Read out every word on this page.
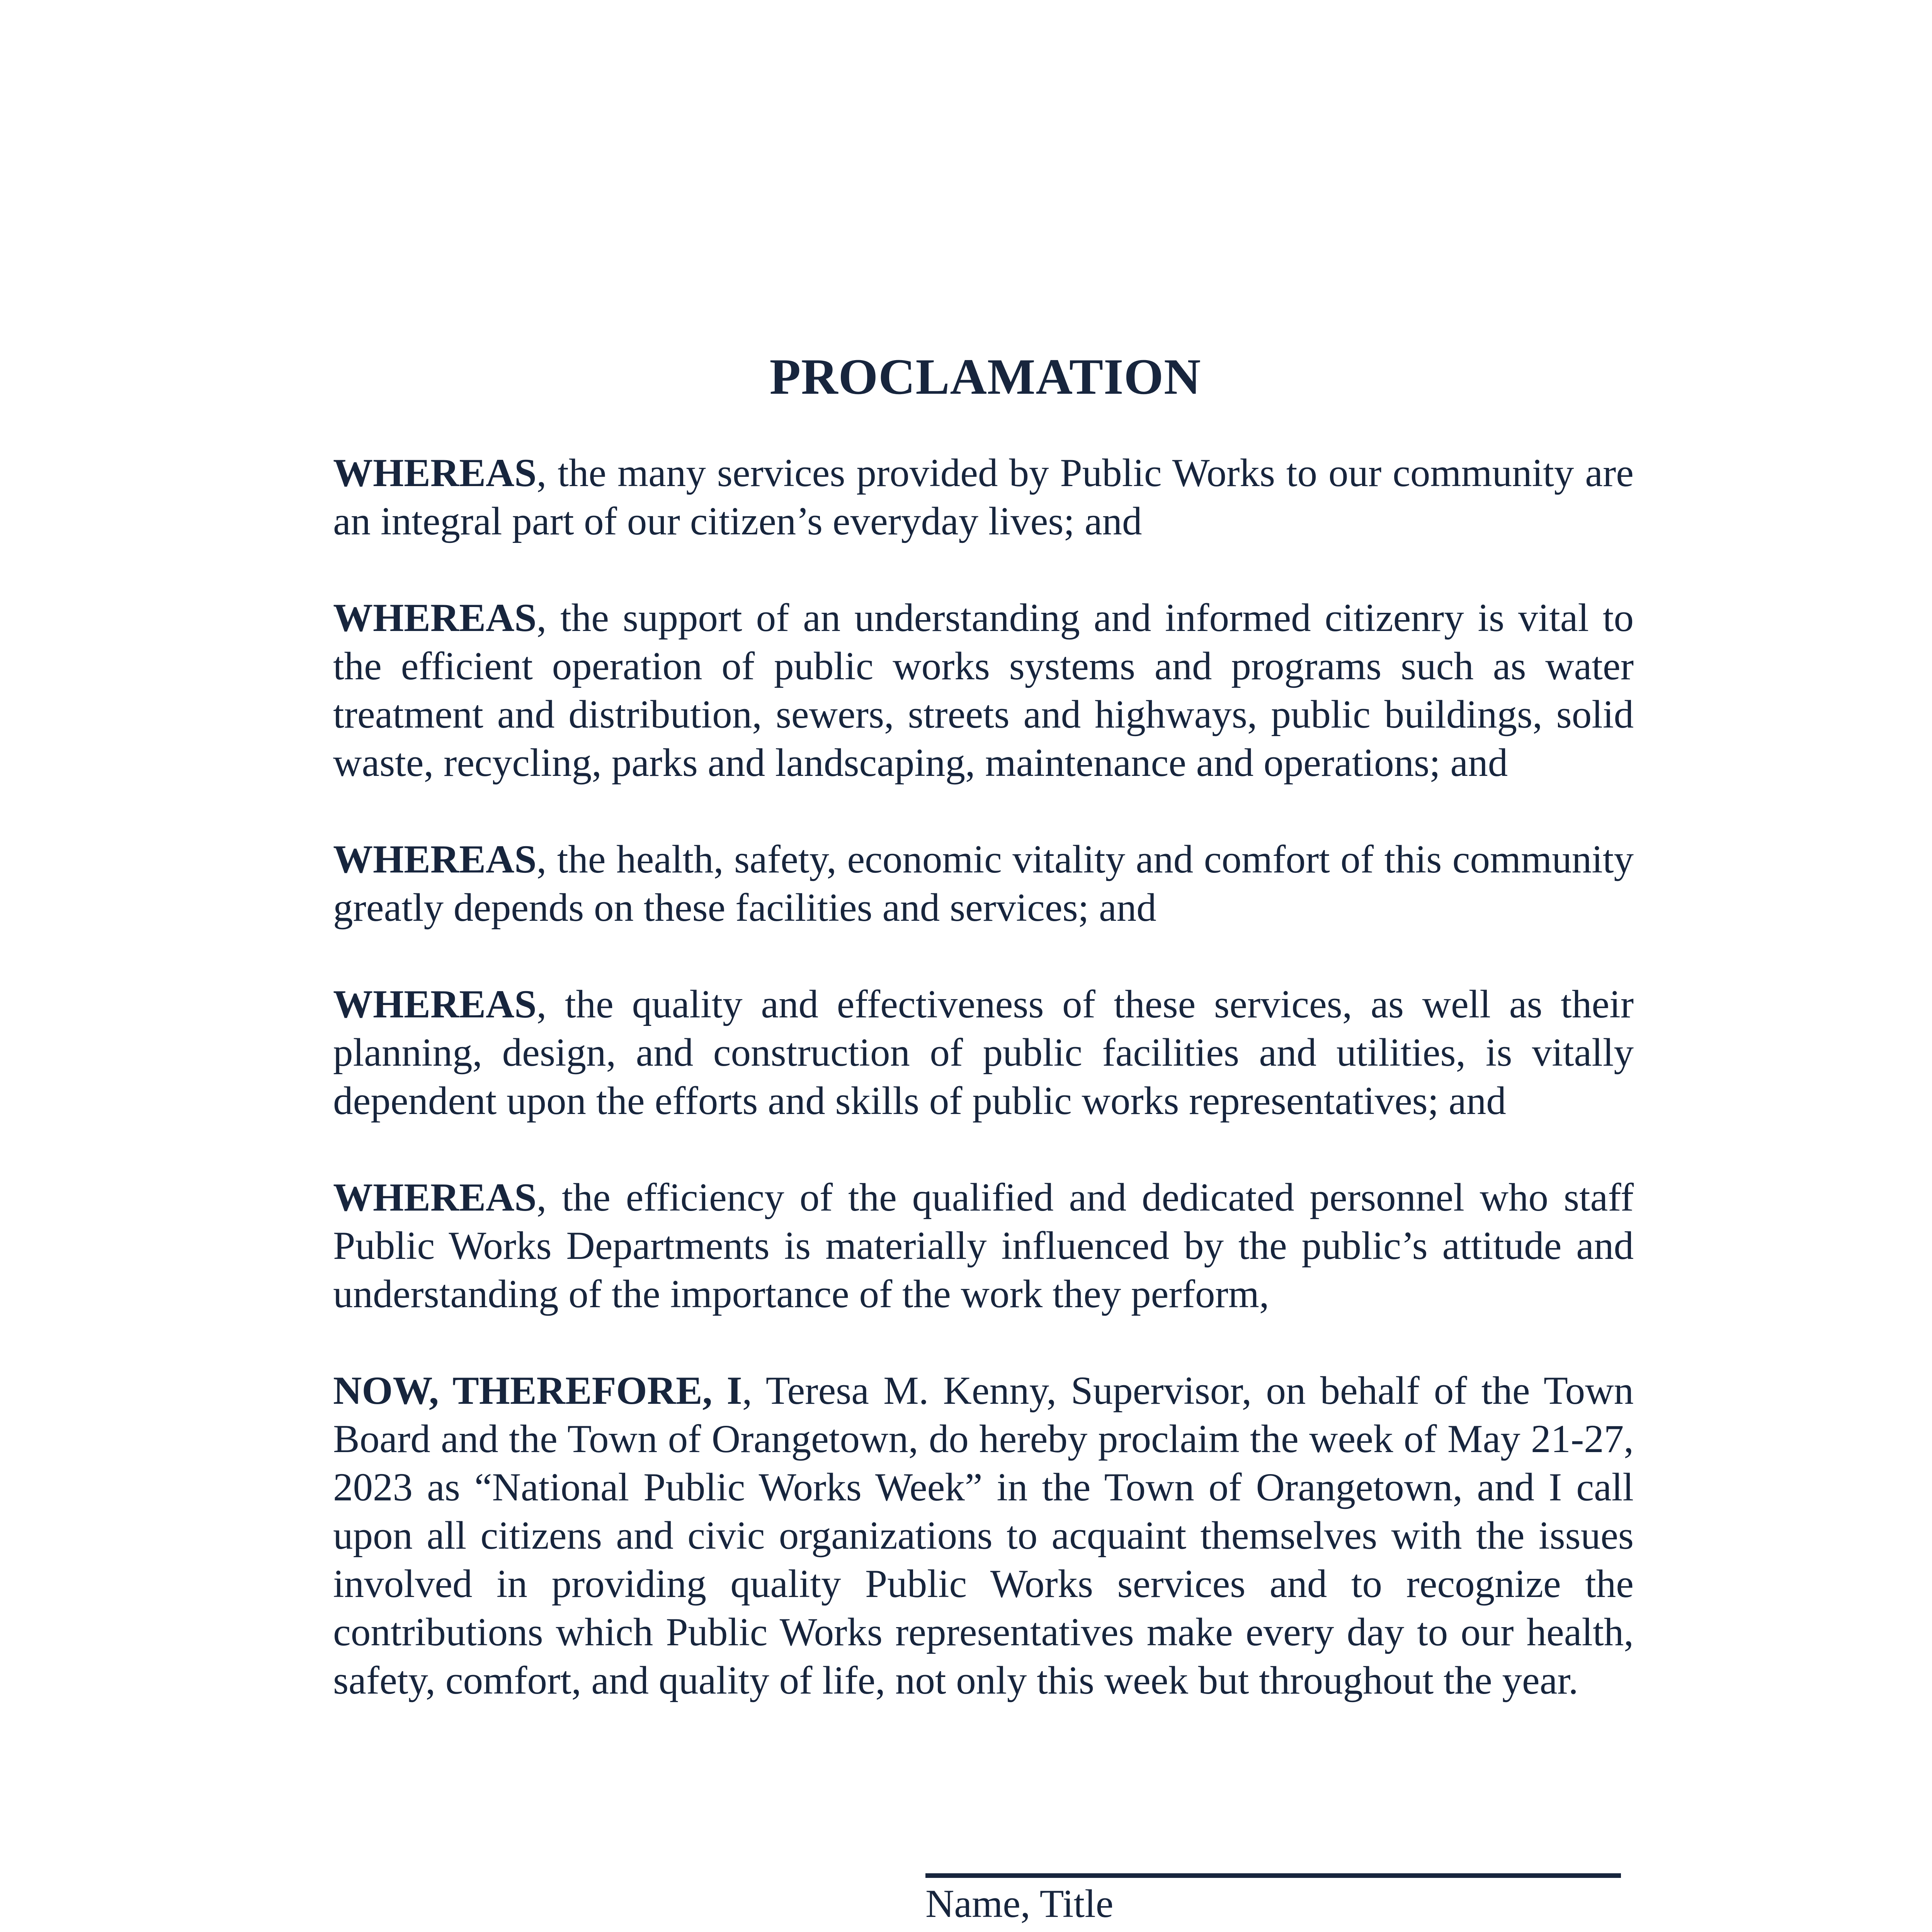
PROCLAMATION

WHEREAS, the many services provided by Public Works to our community are an integral part of our citizen’s everyday lives; and

WHEREAS, the support of an understanding and informed citizenry is vital to the efficient operation of public works systems and programs such as water treatment and distribution, sewers, streets and highways, public buildings, solid waste, recycling, parks and landscaping, maintenance and operations; and

WHEREAS, the health, safety, economic vitality and comfort of this community greatly depends on these facilities and services; and

WHEREAS, the quality and effectiveness of these services, as well as their planning, design, and construction of public facilities and utilities, is vitally dependent upon the efforts and skills of public works representatives; and

WHEREAS, the efficiency of the qualified and dedicated personnel who staff Public Works Departments is materially influenced by the public’s attitude and understanding of the importance of the work they perform,

NOW, THEREFORE, I, Teresa M. Kenny, Supervisor, on behalf of the Town Board and the Town of Orangetown, do hereby proclaim the week of May 21-27, 2023 as “National Public Works Week” in the Town of Orangetown, and I call upon all citizens and civic organizations to acquaint themselves with the issues involved in providing quality Public Works services and to recognize the contributions which Public Works representatives make every day to our health, safety, comfort, and quality of life, not only this week but throughout the year.

Name, Title
